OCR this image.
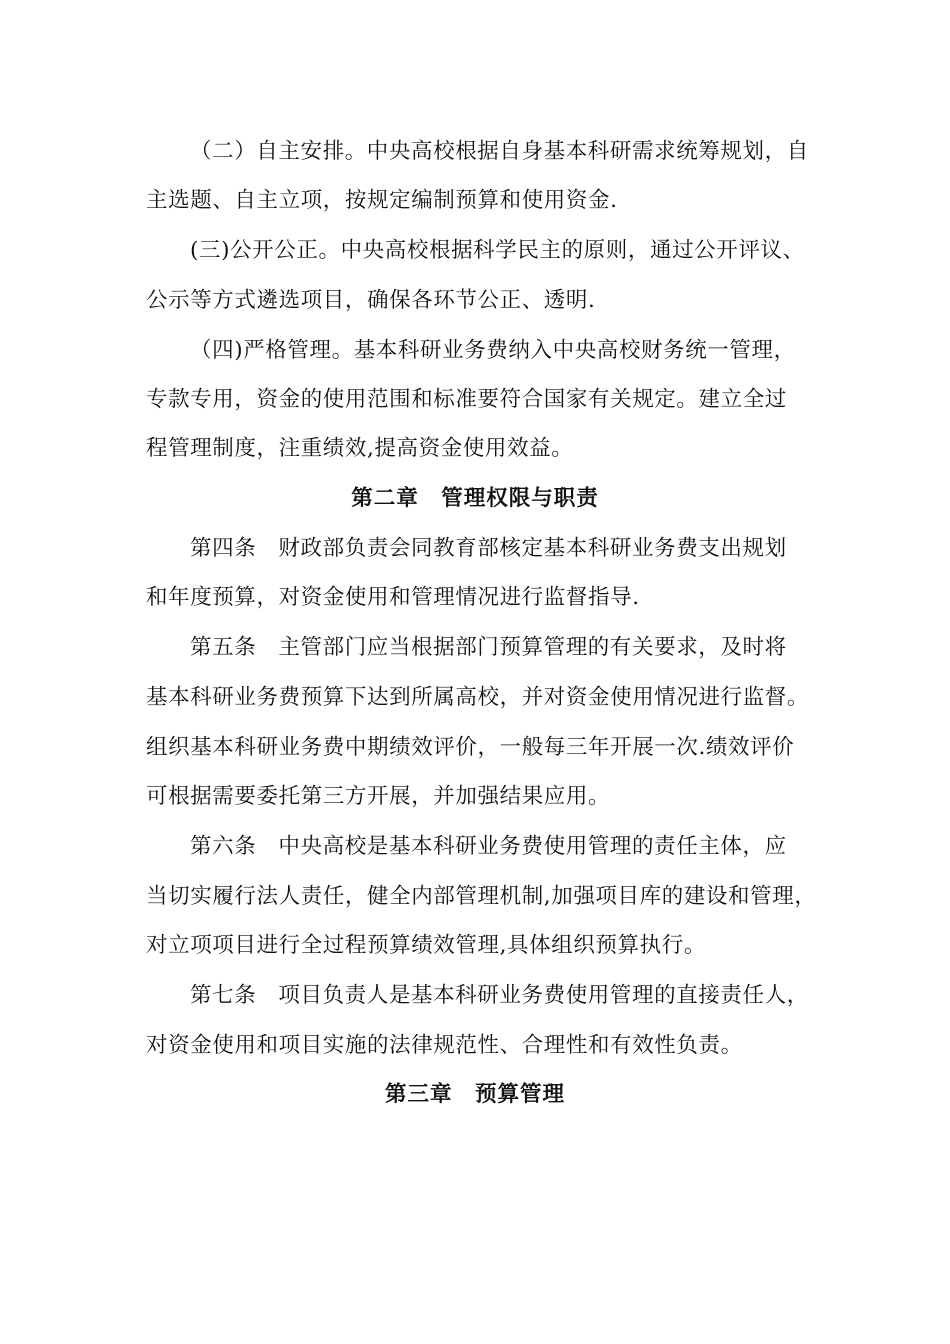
（二）自主安排。中央高校根据自身基本科研需求统筹规划，自
主选题、自主立项，按规定编制预算和使用资金.
(三)公开公正。中央高校根据科学民主的原则，通过公开评议、
公示等方式遴选项目，确保各环节公正、透明.
（四)严格管理。基本科研业务费纳入中央高校财务统一管理，
专款专用，资金的使用范围和标准要符合国家有关规定。建立全过
程管理制度，注重绩效,提高资金使用效益。
第二章　管理权限与职责
第四条　财政部负责会同教育部核定基本科研业务费支出规划
和年度预算，对资金使用和管理情况进行监督指导.
第五条　主管部门应当根据部门预算管理的有关要求，及时将
基本科研业务费预算下达到所属高校，并对资金使用情况进行监督。
组织基本科研业务费中期绩效评价，一般每三年开展一次.绩效评价
可根据需要委托第三方开展，并加强结果应用。
第六条　中央高校是基本科研业务费使用管理的责任主体，应
当切实履行法人责任，健全内部管理机制,加强项目库的建设和管理，
对立项项目进行全过程预算绩效管理,具体组织预算执行。
第七条　项目负责人是基本科研业务费使用管理的直接责任人，
对资金使用和项目实施的法律规范性、合理性和有效性负责。
第三章　预算管理
